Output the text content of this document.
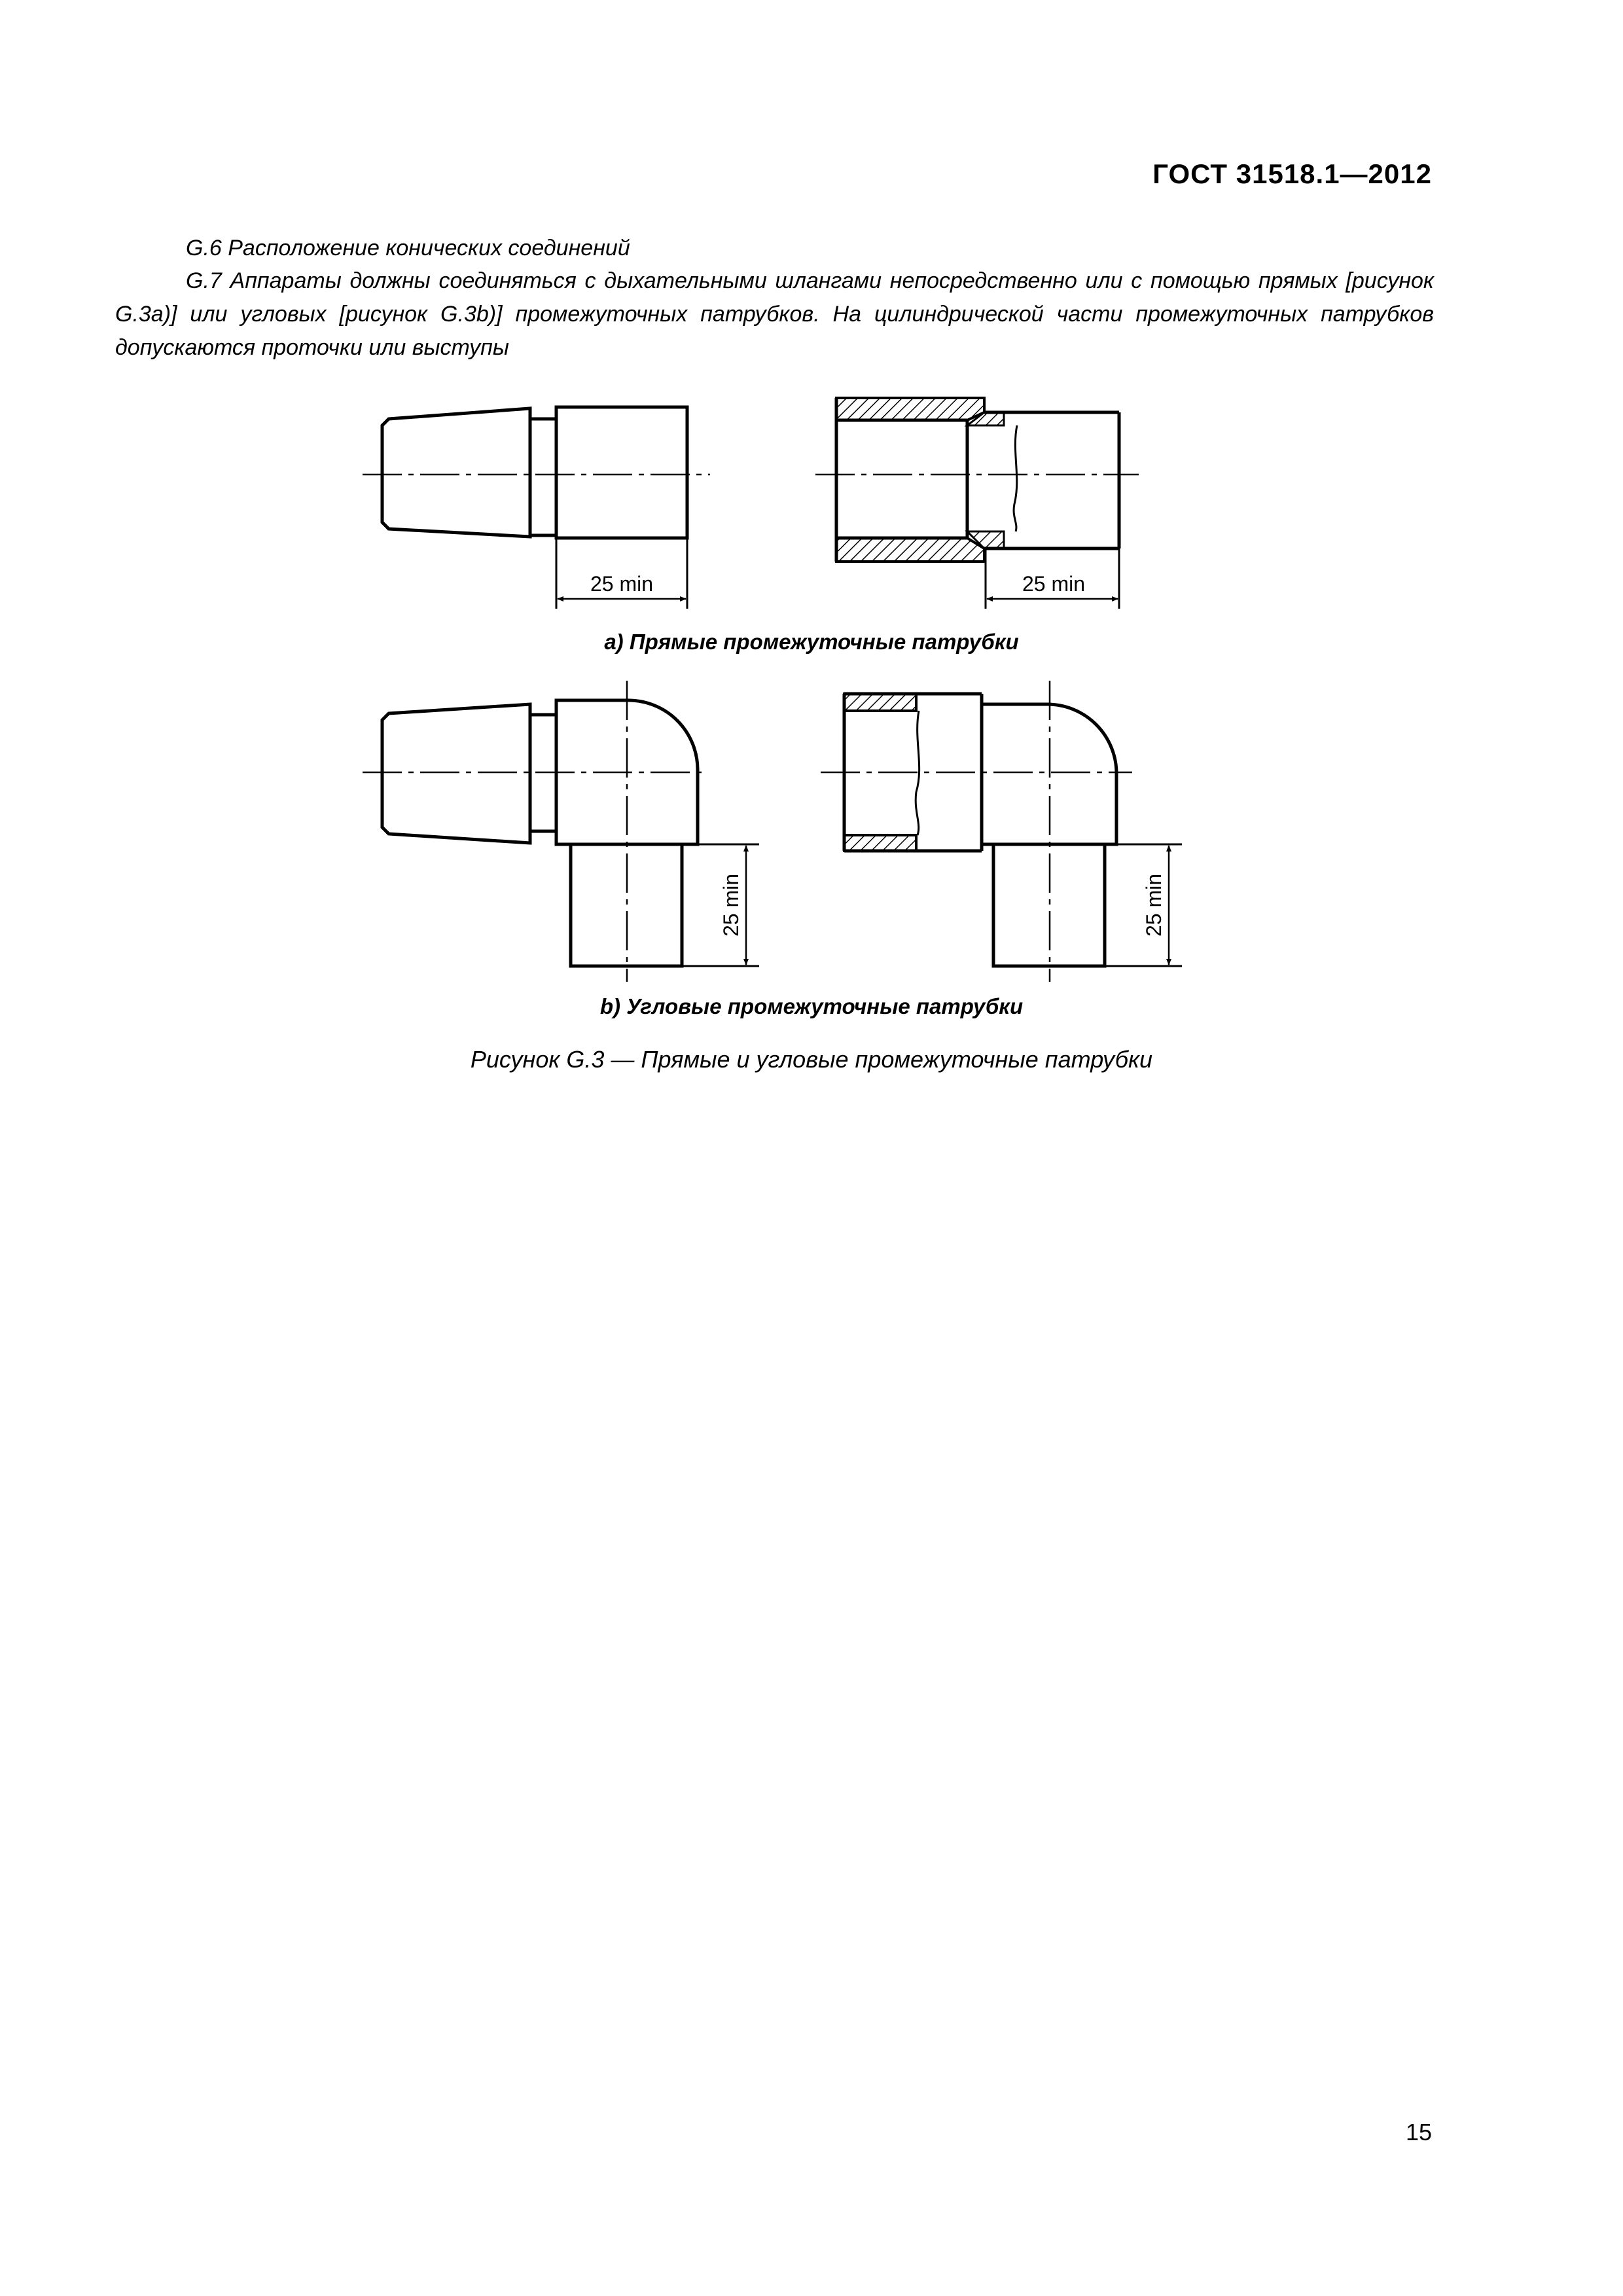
ГОСТ 31518.1—2012
G.6 Расположение конических соединений
G.7 Аппараты должны соединяться с дыхательными шлангами непосредственно или с помощью прямых [рисунок G.3a)] или угловых [рисунок G.3b)] промежуточных патрубков. На цилиндрической части промежуточных патрубков допускаются проточки или выступы
25 min	25 min
25 min	25 min
a) Прямые промежуточные патрубки
b) Угловые промежуточные патрубки
Рисунок G.3 — Прямые и угловые промежуточные патрубки
15
